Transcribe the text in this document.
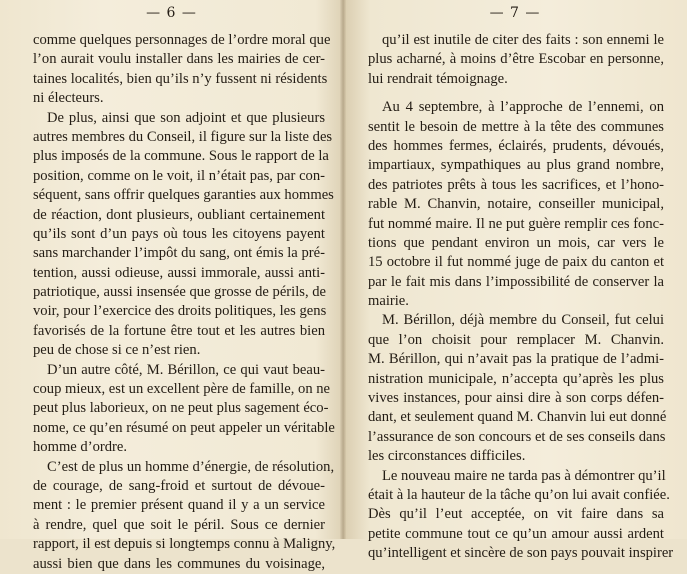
— 6 —
comme quelques personnages de l’ordre moral que
l’on aurait voulu installer dans les mairies de cer-
taines localités, bien qu’ils n’y fussent ni résidents
ni électeurs.
De plus, ainsi que son adjoint et que plusieurs
autres membres du Conseil, il figure sur la liste des
plus imposés de la commune. Sous le rapport de la
position, comme on le voit, il n’était pas, par con-
séquent, sans offrir quelques garanties aux hommes
de réaction, dont plusieurs, oubliant certainement
qu’ils sont d’un pays où tous les citoyens payent
sans marchander l’impôt du sang, ont émis la pré-
tention, aussi odieuse, aussi immorale, aussi anti-
patriotique, aussi insensée que grosse de périls, de
voir, pour l’exercice des droits politiques, les gens
favorisés de la fortune être tout et les autres bien
peu de chose si ce n’est rien.
D’un autre côté, M. Bérillon, ce qui vaut beau-
coup mieux, est un excellent père de famille, on ne
peut plus laborieux, on ne peut plus sagement éco-
nome, ce qu’en résumé on peut appeler un véritable
homme d’ordre.
C’est de plus un homme d’énergie, de résolution,
de courage, de sang-froid et surtout de dévoue-
ment : le premier présent quand il y a un service
à rendre, quel que soit le péril. Sous ce dernier
rapport, il est depuis si longtemps connu à Maligny,
aussi bien que dans les communes du voisinage,
— 7 —
qu’il est inutile de citer des faits : son ennemi le
plus acharné, à moins d’être Escobar en personne,
lui rendrait témoignage.
Au 4 septembre, à l’approche de l’ennemi, on
sentit le besoin de mettre à la tête des communes
des hommes fermes, éclairés, prudents, dévoués,
impartiaux, sympathiques au plus grand nombre,
des patriotes prêts à tous les sacrifices, et l’hono-
rable M. Chanvin, notaire, conseiller municipal,
fut nommé maire. Il ne put guère remplir ces fonc-
tions que pendant environ un mois, car vers le
15 octobre il fut nommé juge de paix du canton et
par le fait mis dans l’impossibilité de conserver la
mairie.
M. Bérillon, déjà membre du Conseil, fut celui
que l’on choisit pour remplacer M. Chanvin.
M. Bérillon, qui n’avait pas la pratique de l’admi-
nistration municipale, n’accepta qu’après les plus
vives instances, pour ainsi dire à son corps défen-
dant, et seulement quand M. Chanvin lui eut donné
l’assurance de son concours et de ses conseils dans
les circonstances difficiles.
Le nouveau maire ne tarda pas à démontrer qu’il
était à la hauteur de la tâche qu’on lui avait confiée.
Dès qu’il l’eut acceptée, on vit faire dans sa
petite commune tout ce qu’un amour aussi ardent
qu’intelligent et sincère de son pays pouvait inspirer
